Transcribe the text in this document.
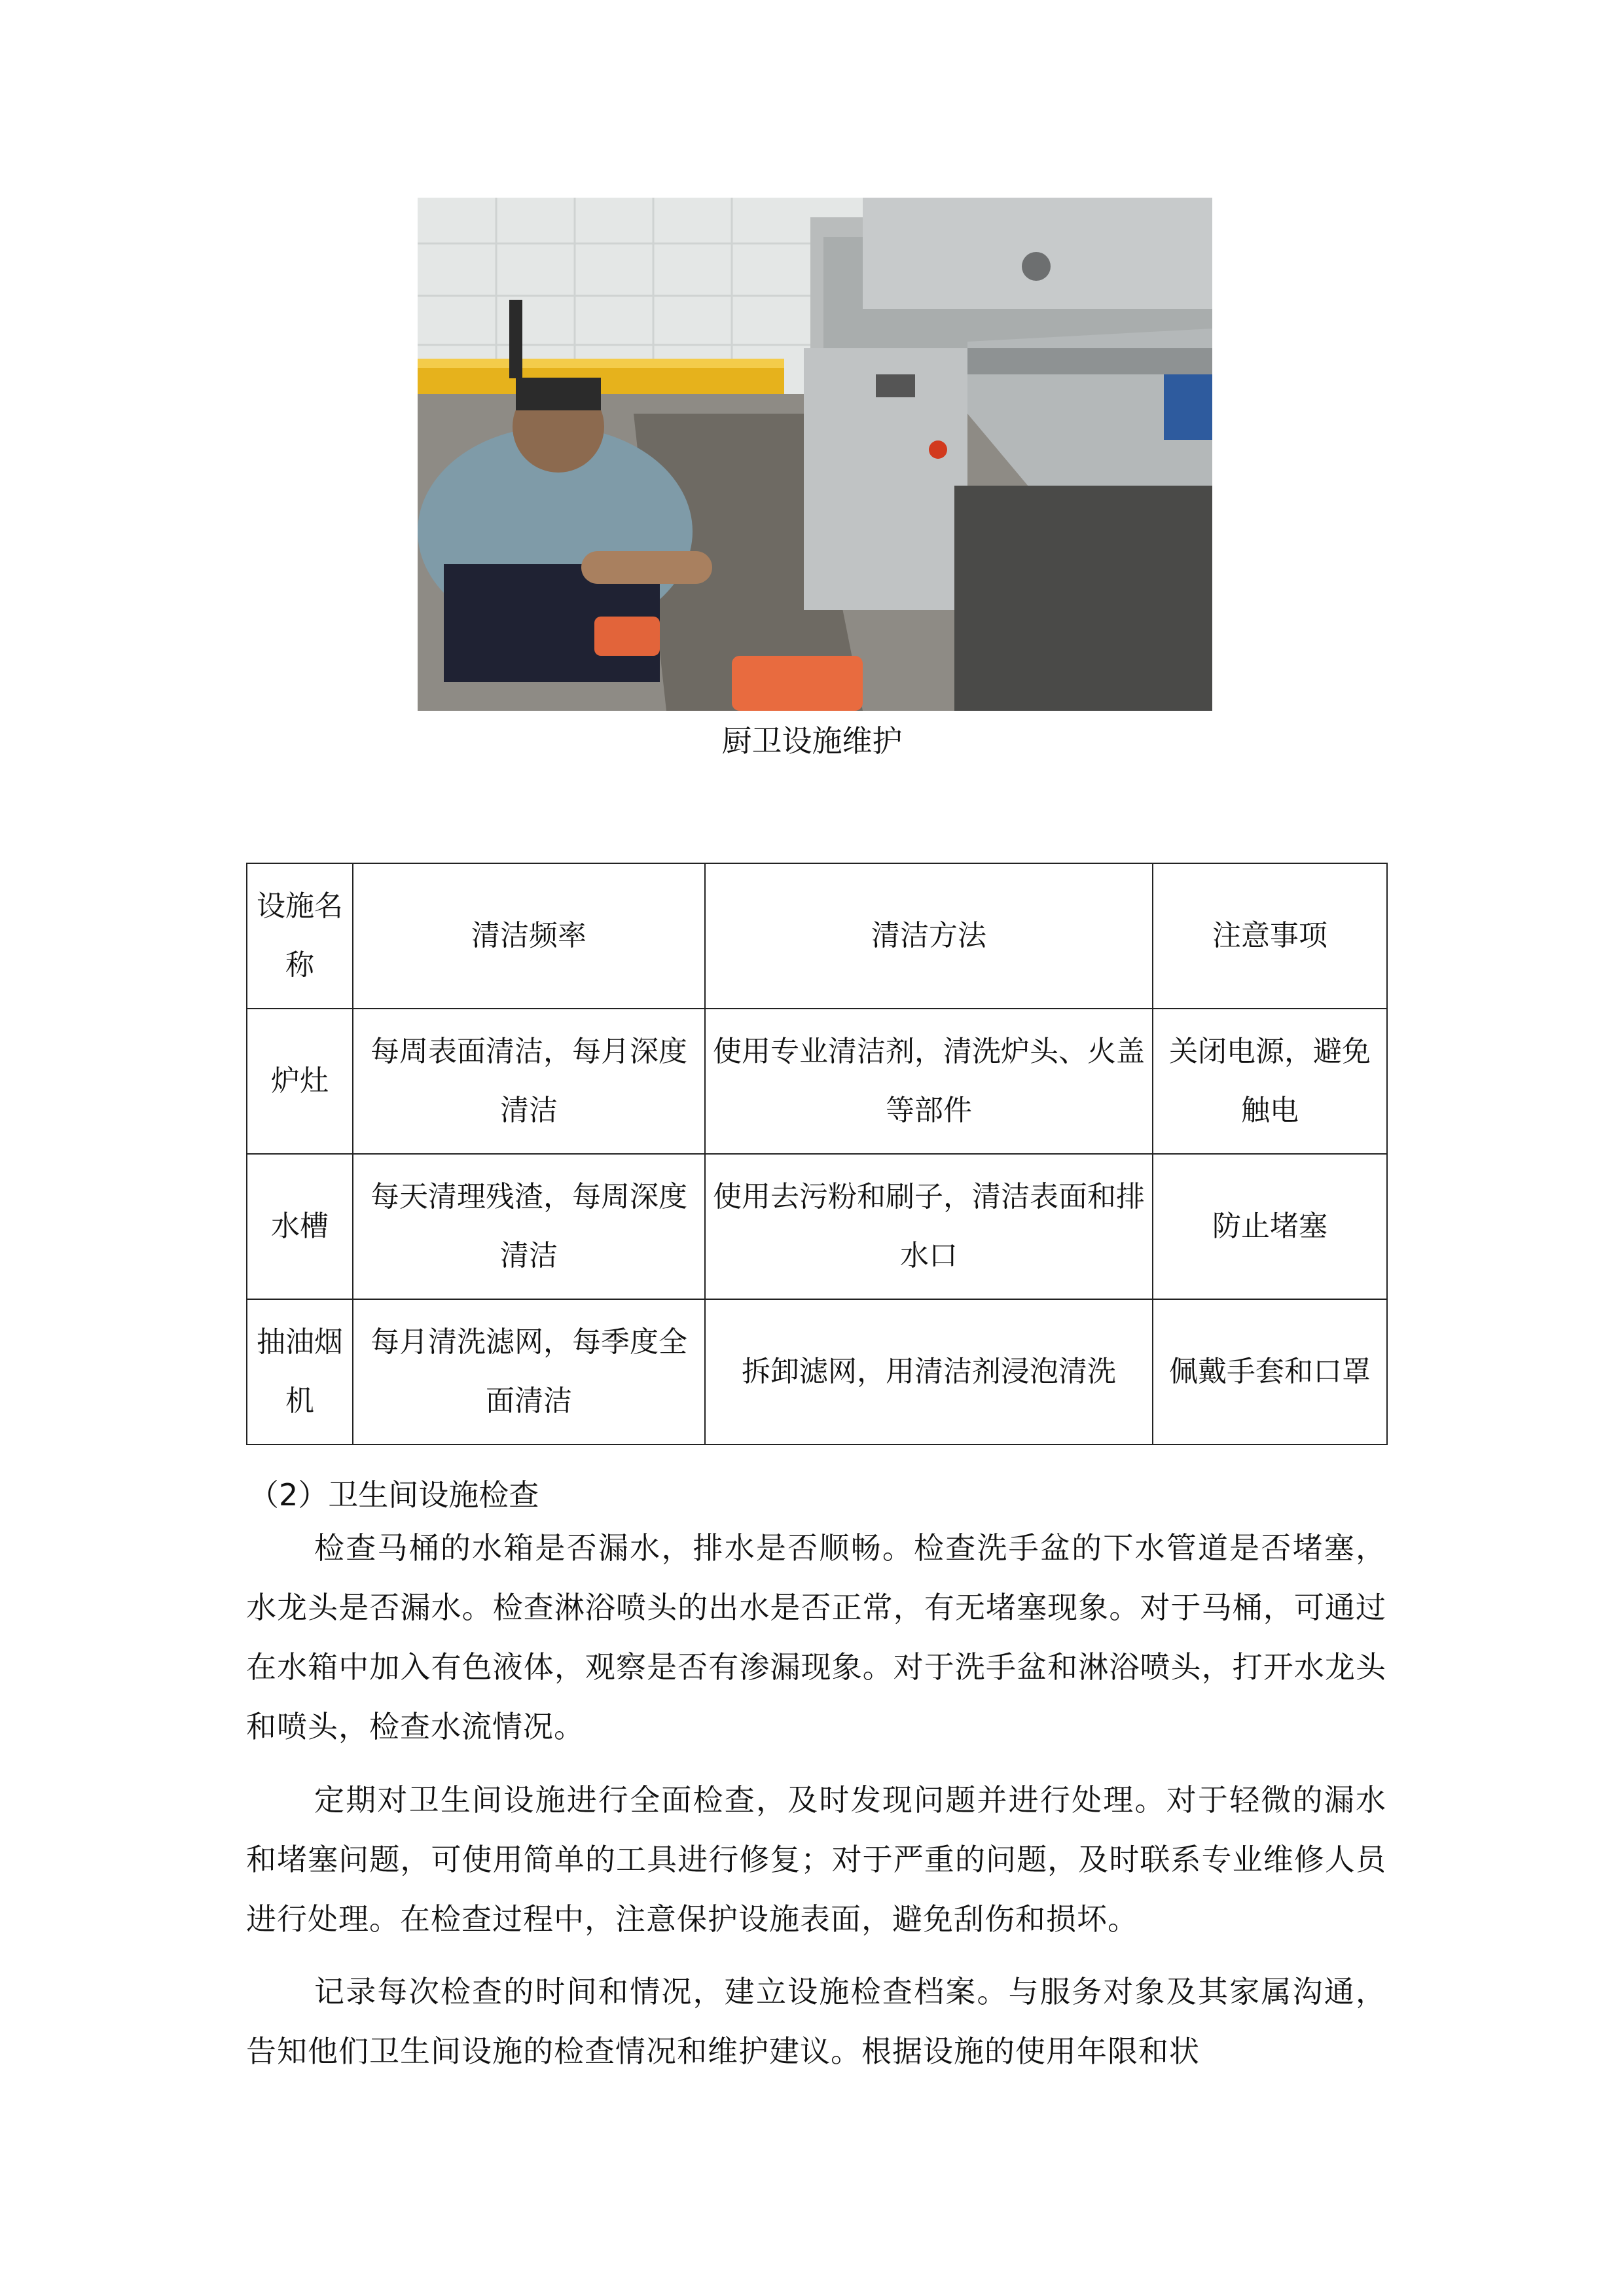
厨卫设施维护
设施名称	清洁频率	清洁方法	注意事项
炉灶	每周表面清洁，每月深度清洁	使用专业清洁剂，清洗炉头、火盖等部件	关闭电源，避免触电
水槽	每天清理残渣，每周深度清洁	使用去污粉和刷子，清洁表面和排水口	防止堵塞
抽油烟机	每月清洗滤网，每季度全面清洁	拆卸滤网，用清洁剂浸泡清洗	佩戴手套和口罩
（2）卫生间设施检查
检查马桶的水箱是否漏水，排水是否顺畅。检查洗手盆的下水管道是否堵塞，水龙头是否漏水。检查淋浴喷头的出水是否正常，有无堵塞现象。对于马桶，可通过在水箱中加入有色液体，观察是否有渗漏现象。对于洗手盆和淋浴喷头，打开水龙头和喷头，检查水流情况。
定期对卫生间设施进行全面检查，及时发现问题并进行处理。对于轻微的漏水和堵塞问题，可使用简单的工具进行修复；对于严重的问题，及时联系专业维修人员进行处理。在检查过程中，注意保护设施表面，避免刮伤和损坏。
记录每次检查的时间和情况，建立设施检查档案。与服务对象及其家属沟通，告知他们卫生间设施的检查情况和维护建议。根据设施的使用年限和状
